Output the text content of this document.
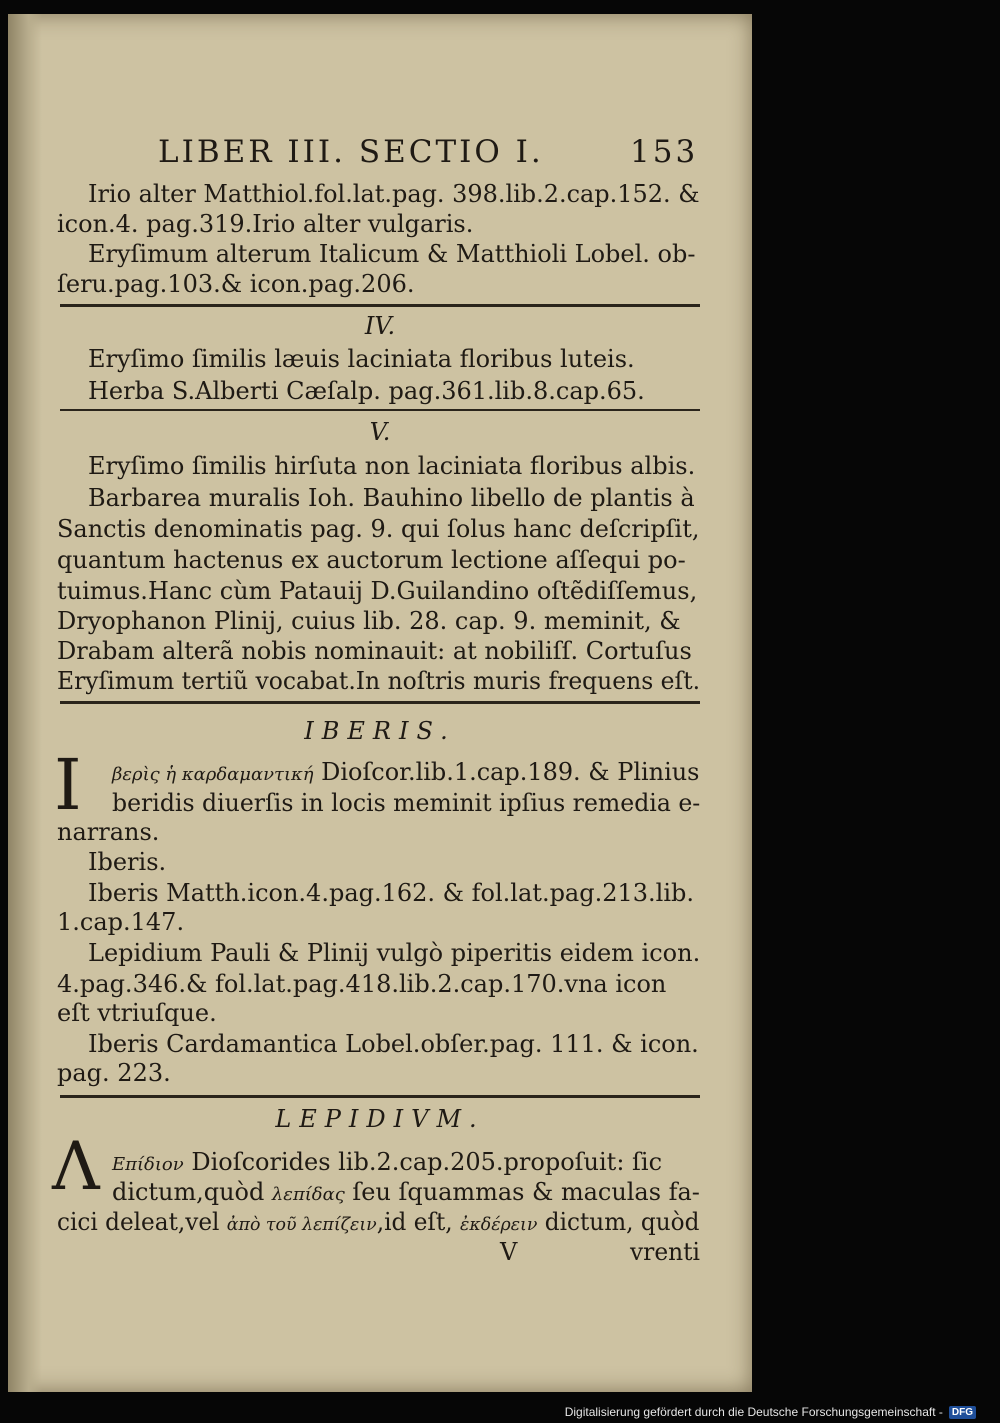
LIBER III. SECTIO I.	153
Irio alter Matthiol.fol.lat.pag. 398.lib.2.cap.152. &
icon.4. pag.319.Irio alter vulgaris.
Eryſimum alterum Italicum & Matthioli Lobel. ob-
ſeru.pag.103.& icon.pag.206.
IV.
Eryſimo ſimilis læuis laciniata floribus luteis.
Herba S.Alberti Cæſalp. pag.361.lib.8.cap.65.
V.
Eryſimo ſimilis hirſuta non laciniata floribus albis.
Barbarea muralis Ioh. Bauhino libello de plantis à
Sanctis denominatis pag. 9. qui ſolus hanc deſcripſit,
quantum hactenus ex auctorum lectione aſſequi po-
tuimus.Hanc cùm Patauij D.Guilandino oſtẽdiſſemus,
Dryophanon Plinij, cuius lib. 28. cap. 9. meminit, &
Drabam alterã nobis nominauit: at nobiliſſ. Cortuſus
Eryſimum tertiũ vocabat.In noſtris muris frequens eſt.
IBERIS.
I βερὶς ἡ καρδαμαντική Dioſcor.lib.1.cap.189. & Plinius
beridis diuerſis in locis meminit ipſius remedia e-
narrans.
Iberis.
Iberis Matth.icon.4.pag.162. & fol.lat.pag.213.lib.
1.cap.147.
Lepidium Pauli & Plinij vulgò piperitis eidem icon.
4.pag.346.& fol.lat.pag.418.lib.2.cap.170.vna icon
eſt vtriuſque.
Iberis Cardamantica Lobel.obſer.pag. 111. & icon.
pag. 223.
LEPIDIVM.
Λ Επίδιον Dioſcorides lib.2.cap.205.propoſuit: ſic
dictum,quòd λεπίδας ſeu ſquammas & maculas fa-
cici deleat,vel ἀπὸ τοῦ λεπίζειν,id eſt, ἐκδέρειν dictum, quòd
V	vrenti
Digitalisierung gefördert durch die Deutsche Forschungsgemeinschaft - DFG
